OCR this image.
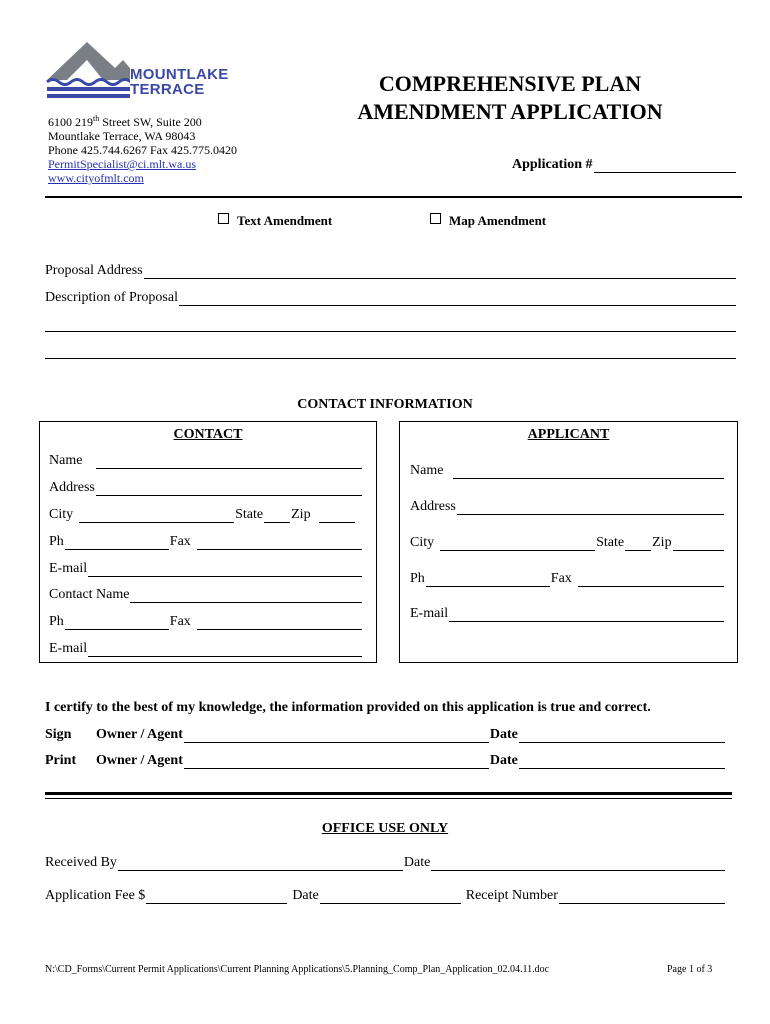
MOUNTLAKE
TERRACE
6100 219th Street SW, Suite 200
Mountlake Terrace, WA 98043
Phone 425.744.6267 Fax 425.775.0420
PermitSpecialist@ci.mlt.wa.us
www.cityofmlt.com
COMPREHENSIVE PLAN
AMENDMENT APPLICATION
Application #
Text Amendment	Map Amendment
Proposal Address
Description of Proposal
CONTACT INFORMATION
CONTACT
Name
Address
City	State Zip
Ph	Fax
E-mail
Contact Name
Ph	Fax
E-mail
APPLICANT
Name
Address
City	State Zip
Ph	Fax
E-mail
I certify to the best of my knowledge, the information provided on this application is true and correct.
Sign	Owner / Agent	Date
Print	Owner / Agent	Date
OFFICE USE ONLY
Received By	Date
Application Fee $	Date	Receipt Number
N:\CD_Forms\Current Permit Applications\Current Planning Applications\5.Planning_Comp_Plan_Application_02.04.11.doc	Page 1 of 3
